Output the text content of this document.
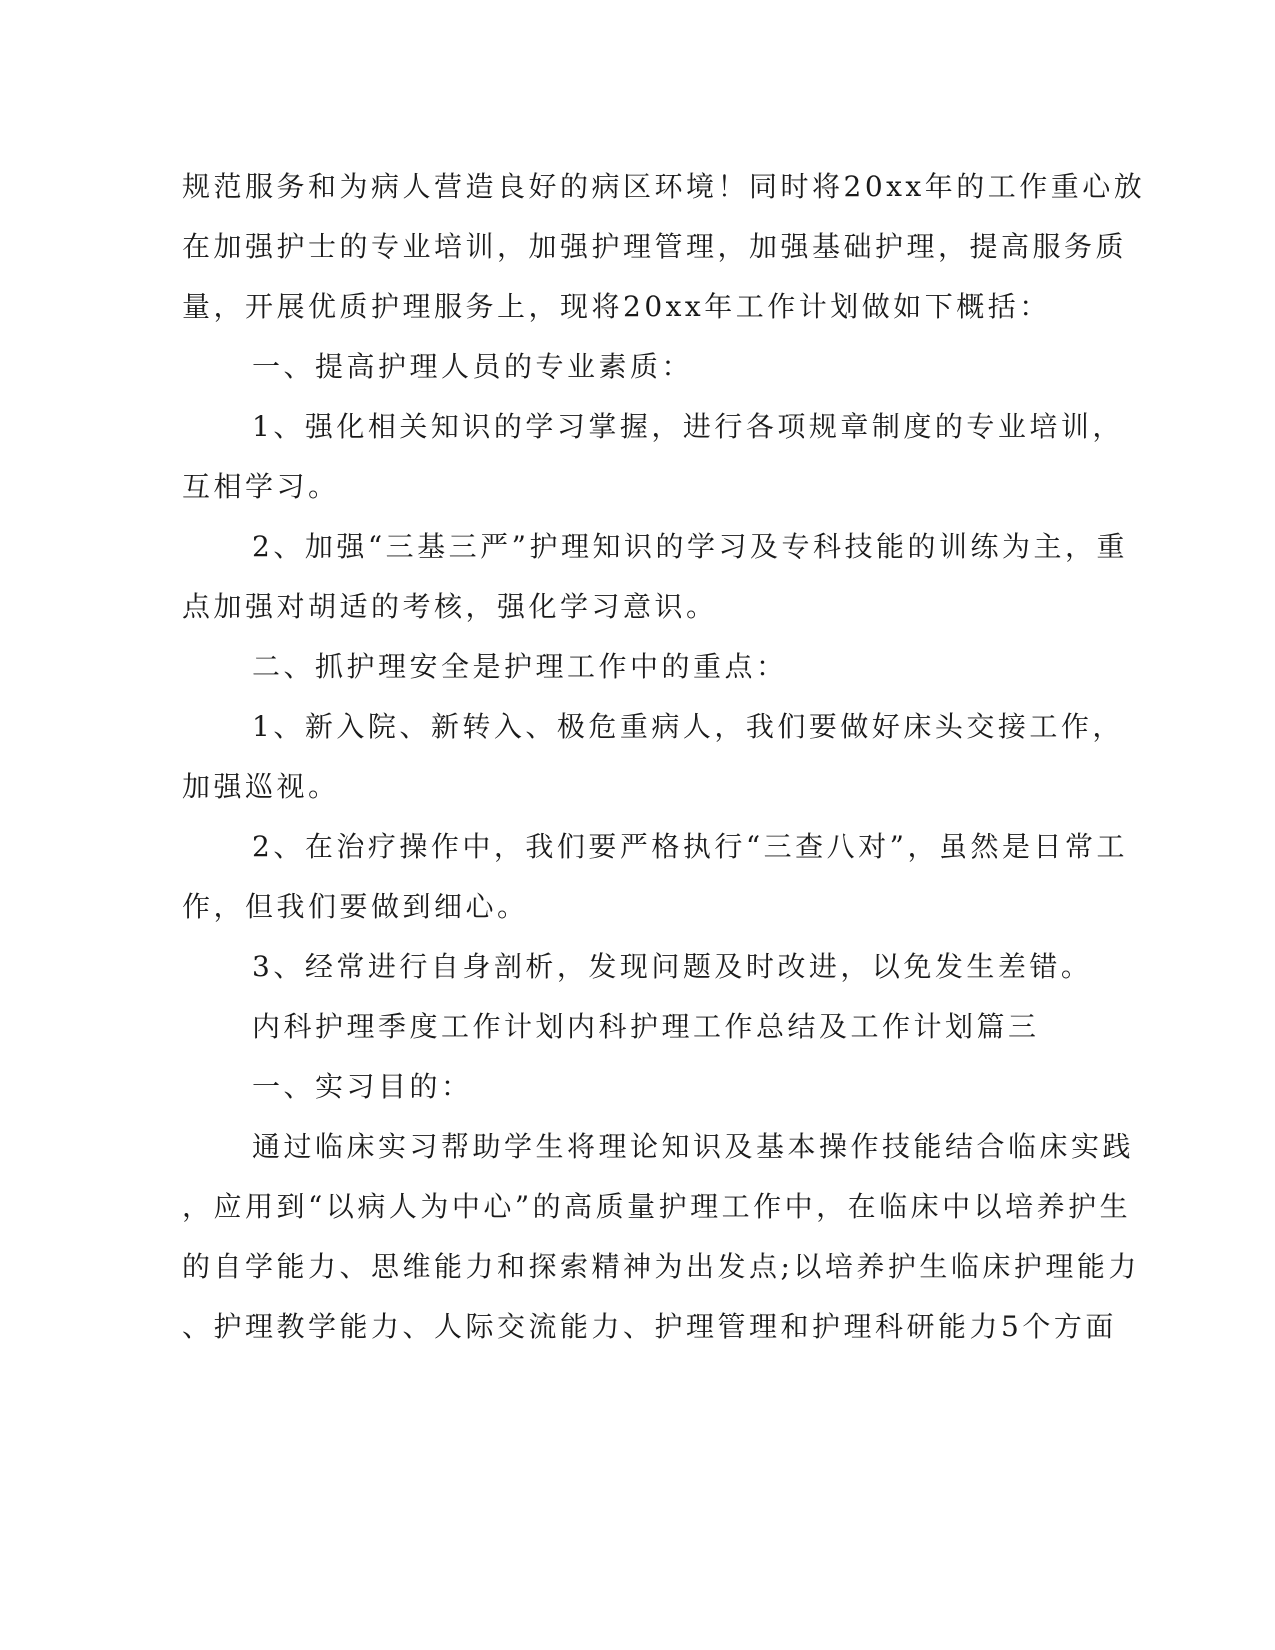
规范服务和为病人营造良好的病区环境！同时将20xx年的工作重心放
在加强护士的专业培训，加强护理管理，加强基础护理，提高服务质
量，开展优质护理服务上，现将20xx年工作计划做如下概括：
一、提高护理人员的专业素质：
1、强化相关知识的学习掌握，进行各项规章制度的专业培训，
互相学习。
2、加强“三基三严”护理知识的学习及专科技能的训练为主，重
点加强对胡适的考核，强化学习意识。
二、抓护理安全是护理工作中的重点：
1、新入院、新转入、极危重病人，我们要做好床头交接工作，
加强巡视。
2、在治疗操作中，我们要严格执行“三查八对”，虽然是日常工
作，但我们要做到细心。
3、经常进行自身剖析，发现问题及时改进，以免发生差错。
内科护理季度工作计划内科护理工作总结及工作计划篇三
一、实习目的：
通过临床实习帮助学生将理论知识及基本操作技能结合临床实践
，应用到“以病人为中心”的高质量护理工作中，在临床中以培养护生
的自学能力、思维能力和探索精神为出发点;以培养护生临床护理能力
、护理教学能力、人际交流能力、护理管理和护理科研能力5个方面
